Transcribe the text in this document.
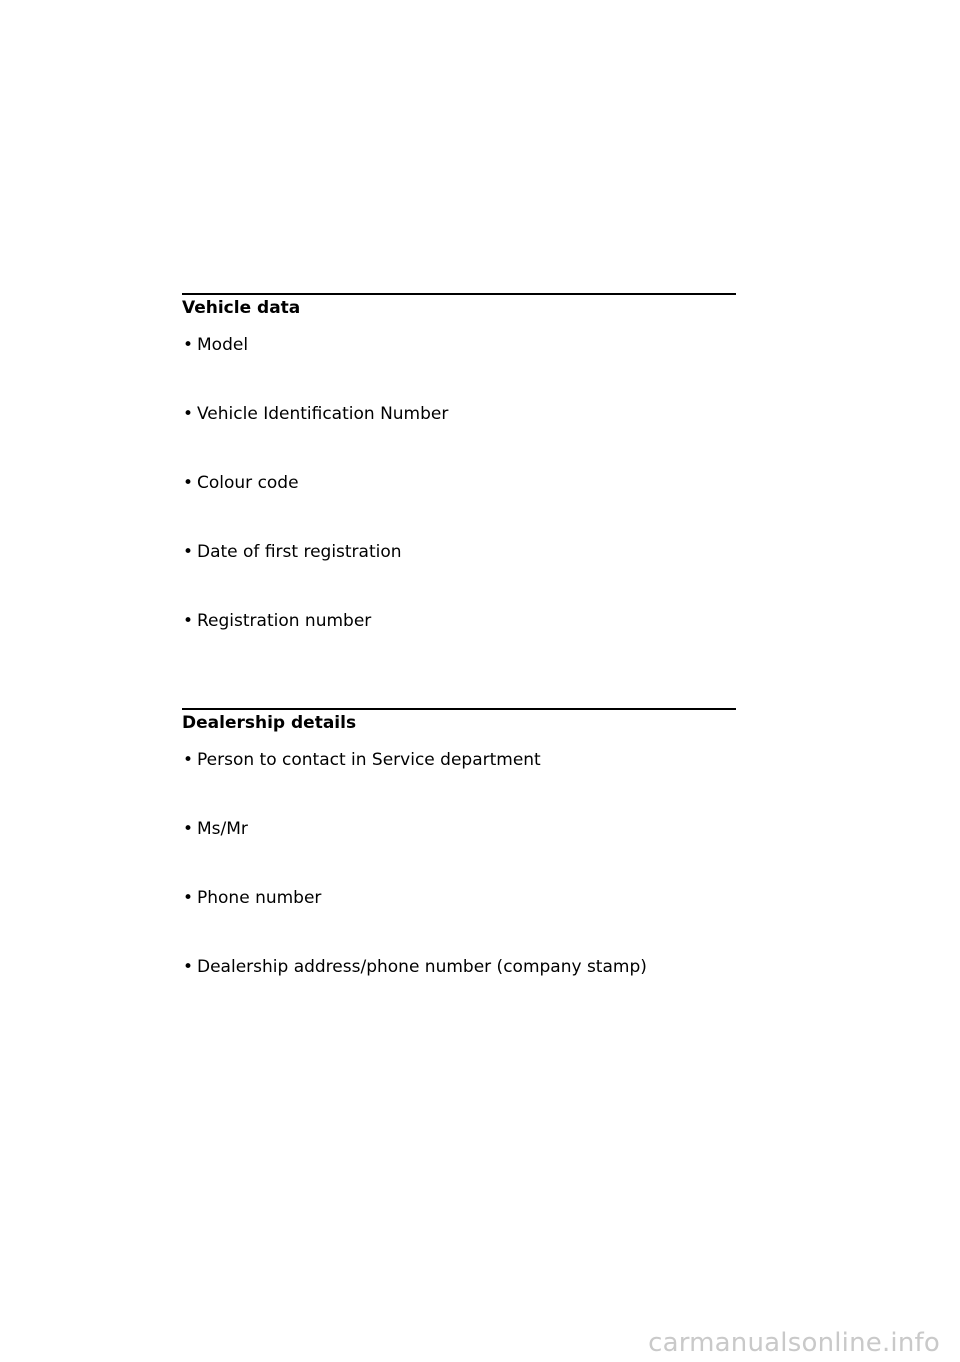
Vehicle data
• Model
• Vehicle Identification Number
• Colour code
• Date of first registration
• Registration number
Dealership details
• Person to contact in Service department
• Ms/Mr
• Phone number
• Dealership address/phone number (company stamp)
carmanualsonline.info
